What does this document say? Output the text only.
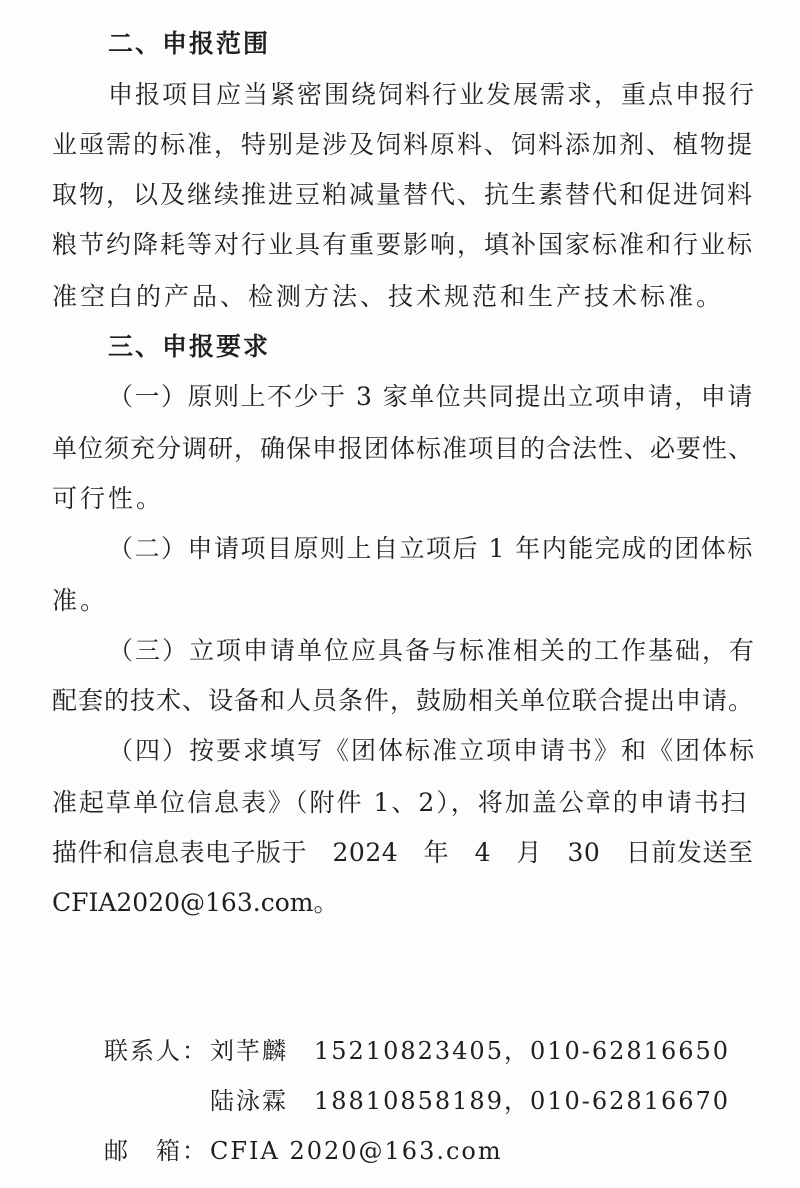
二、申报范围
申报项目应当紧密围绕饲料行业发展需求，重点申报行
业亟需的标准，特别是涉及饲料原料、饲料添加剂、植物提
取物，以及继续推进豆粕减量替代、抗生素替代和促进饲料
粮节约降耗等对行业具有重要影响，填补国家标准和行业标
准空白的产品、检测方法、技术规范和生产技术标准。
三、申报要求
（一）原则上不少于 3 家单位共同提出立项申请，申请
单位须充分调研，确保申报团体标准项目的合法性、必要性、
可行性。
（二）申请项目原则上自立项后 1 年内能完成的团体标
准。
（三）立项申请单位应具备与标准相关的工作基础，有
配套的技术、设备和人员条件，鼓励相关单位联合提出申请。
（四）按要求填写《团体标准立项申请书》和《团体标
准起草单位信息表》（附件 1、2），将加盖公章的申请书扫
描件和信息表电子版于　2024　年　4　月　30　日前发送至
CFIA2020@163.com。
联系人： 刘芊麟　15210823405，010-62816650
陆泳霖　18810858189，010-62816670
邮　箱： CFIA 2020@163.com
